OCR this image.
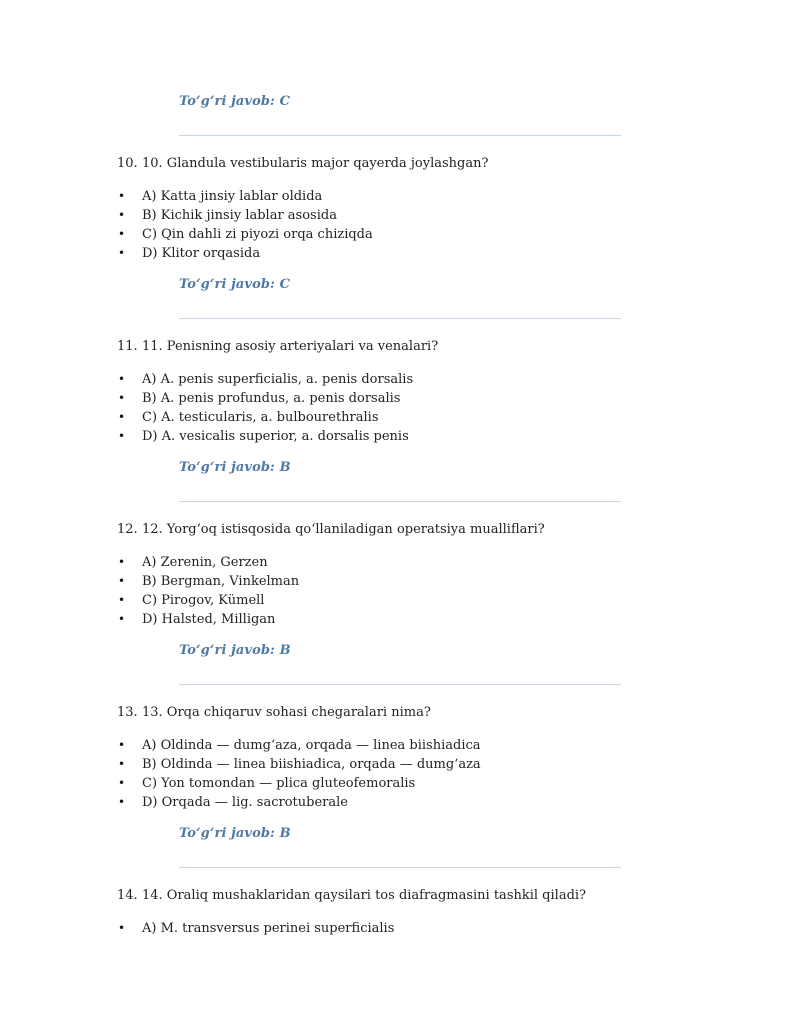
To‘g‘ri javob: C
10. 10. Glandula vestibularis major qayerda joylashgan?
• A) Katta jinsiy lablar oldida
• B) Kichik jinsiy lablar asosida
• C) Qin dahli zi piyozi orqa chiziqda
• D) Klitor orqasida
To‘g‘ri javob: C
11. 11. Penisning asosiy arteriyalari va venalari?
• A) A. penis superficialis, a. penis dorsalis
• B) A. penis profundus, a. penis dorsalis
• C) A. testicularis, a. bulbourethralis
• D) A. vesicalis superior, a. dorsalis penis
To‘g‘ri javob: B
12. 12. Yorg‘oq istisqosida qo‘llaniladigan operatsiya mualliflari?
• A) Zerenin, Gerzen
• B) Bergman, Vinkelman
• C) Pirogov, Kümell
• D) Halsted, Milligan
To‘g‘ri javob: B
13. 13. Orqa chiqaruv sohasi chegaralari nima?
• A) Oldinda — dumg‘aza, orqada — linea biishiadica
• B) Oldinda — linea biishiadica, orqada — dumg‘aza
• C) Yon tomondan — plica gluteofemoralis
• D) Orqada — lig. sacrotuberale
To‘g‘ri javob: B
14. 14. Oraliq mushaklaridan qaysilari tos diafragmasini tashkil qiladi?
• A) M. transversus perinei superficialis
